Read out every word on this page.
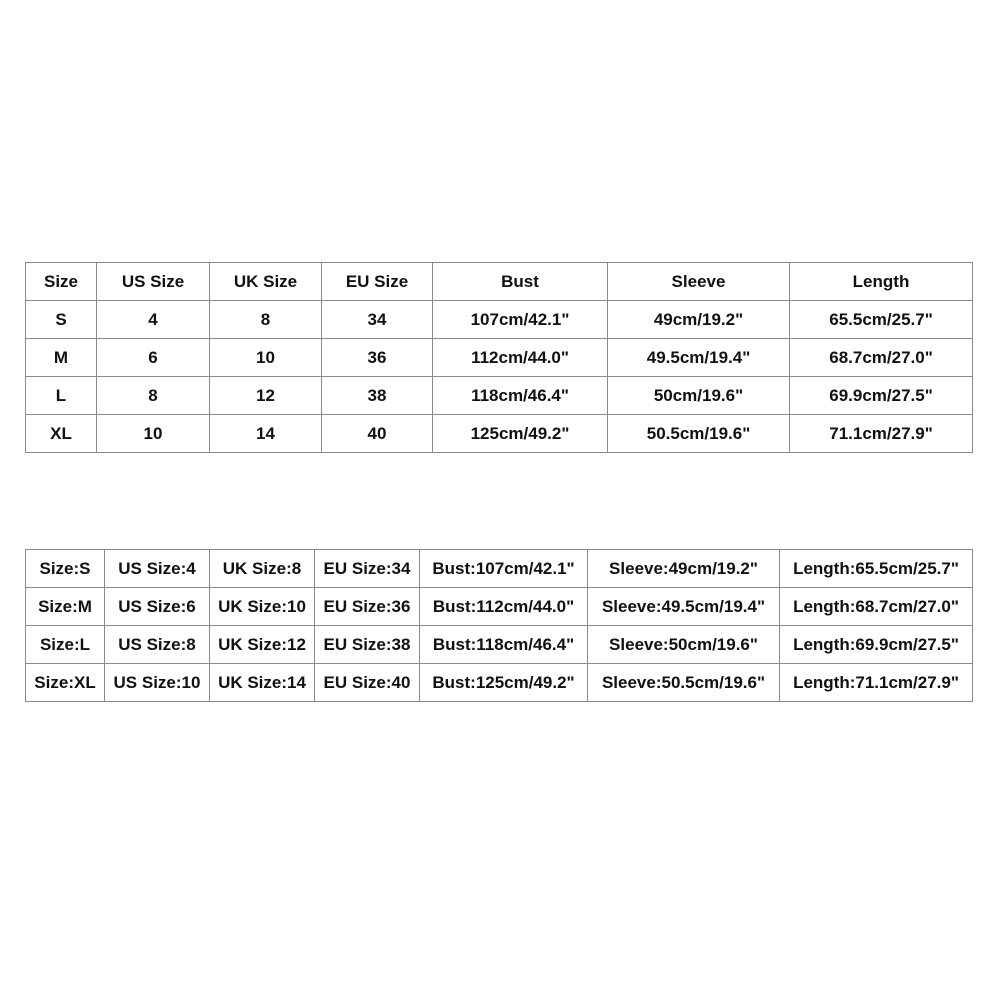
Size	US Size	UK Size	EU Size	Bust	Sleeve	Length
S	4	8	34	107cm/42.1"	49cm/19.2"	65.5cm/25.7"
M	6	10	36	112cm/44.0"	49.5cm/19.4"	68.7cm/27.0"
L	8	12	38	118cm/46.4"	50cm/19.6"	69.9cm/27.5"
XL	10	14	40	125cm/49.2"	50.5cm/19.6"	71.1cm/27.9"
Size:S	US Size:4	UK Size:8	EU Size:34	Bust:107cm/42.1"	Sleeve:49cm/19.2"	Length:65.5cm/25.7"
Size:M	US Size:6	UK Size:10	EU Size:36	Bust:112cm/44.0"	Sleeve:49.5cm/19.4"	Length:68.7cm/27.0"
Size:L	US Size:8	UK Size:12	EU Size:38	Bust:118cm/46.4"	Sleeve:50cm/19.6"	Length:69.9cm/27.5"
Size:XL	US Size:10	UK Size:14	EU Size:40	Bust:125cm/49.2"	Sleeve:50.5cm/19.6"	Length:71.1cm/27.9"
